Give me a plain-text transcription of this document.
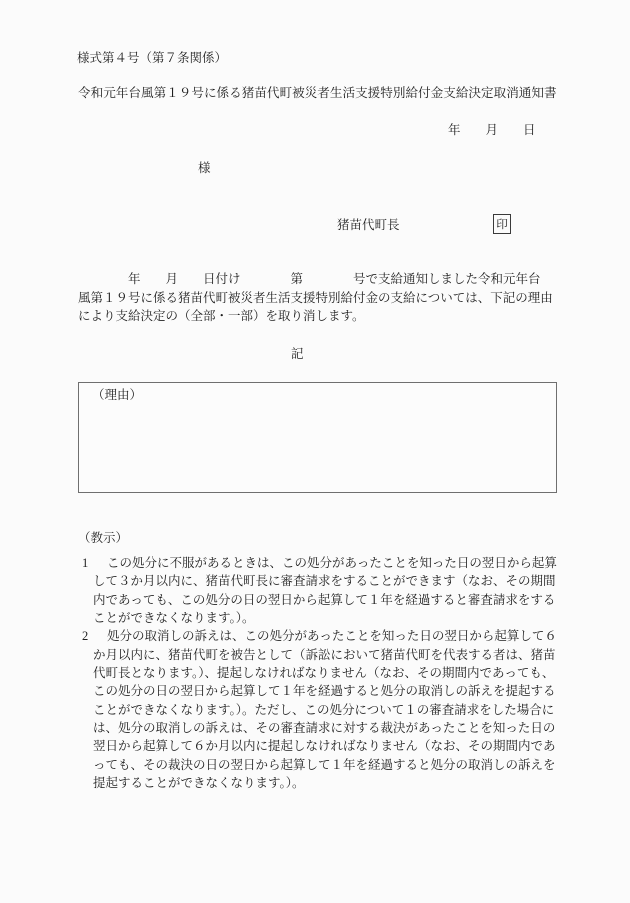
様式第４号（第７条関係）
令和元年台風第１９号に係る猪苗代町被災者生活支援特別給付金支給決定取消通知書
年　　月　　日
様
猪苗代町長	印
　　　　年　　月　　日付け　　　　第　　　　号で支給通知しました令和元年台
風第１９号に係る猪苗代町被災者生活支援特別給付金の支給については、下記の理由
により支給決定の（全部・一部）を取り消します。
記
（理由）
（教示）
1 この処分に不服があるときは、この処分があったことを知った日の翌日から起算
して３か月以内に、猪苗代町長に審査請求をすることができます（なお、その期間
内であっても、この処分の日の翌日から起算して１年を経過すると審査請求をする
ことができなくなります。）。
2 処分の取消しの訴えは、この処分があったことを知った日の翌日から起算して６
か月以内に、猪苗代町を被告として（訴訟において猪苗代町を代表する者は、猪苗
代町長となります。）、提起しなければなりません（なお、その期間内であっても、
この処分の日の翌日から起算して１年を経過すると処分の取消しの訴えを提起する
ことができなくなります。）。ただし、この処分について１の審査請求をした場合に
は、処分の取消しの訴えは、その審査請求に対する裁決があったことを知った日の
翌日から起算して６か月以内に提起しなければなりません（なお、その期間内であ
っても、その裁決の日の翌日から起算して１年を経過すると処分の取消しの訴えを
提起することができなくなります。）。
